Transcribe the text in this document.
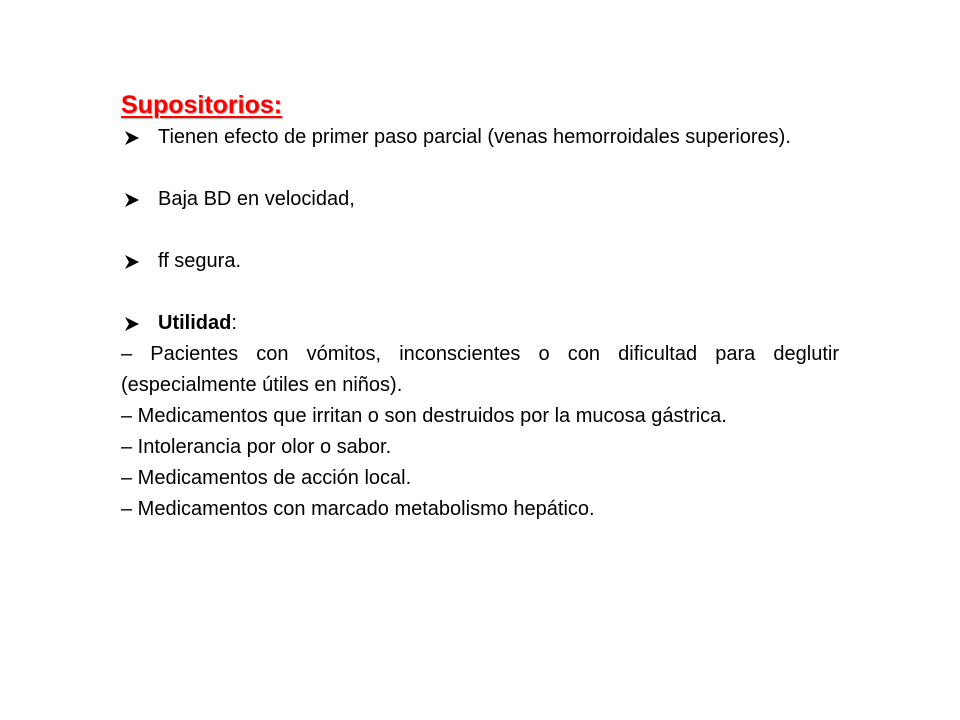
Supositorios:
Tienen efecto de primer paso parcial (venas hemorroidales superiores).
Baja BD en velocidad,
ff segura.
Utilidad:
– Pacientes con vómitos, inconscientes o con dificultad para deglutir (especialmente útiles en niños).
– Medicamentos que irritan o son destruidos por la mucosa gástrica.
– Intolerancia por olor o sabor.
– Medicamentos de acción local.
– Medicamentos con marcado metabolismo hepático.
